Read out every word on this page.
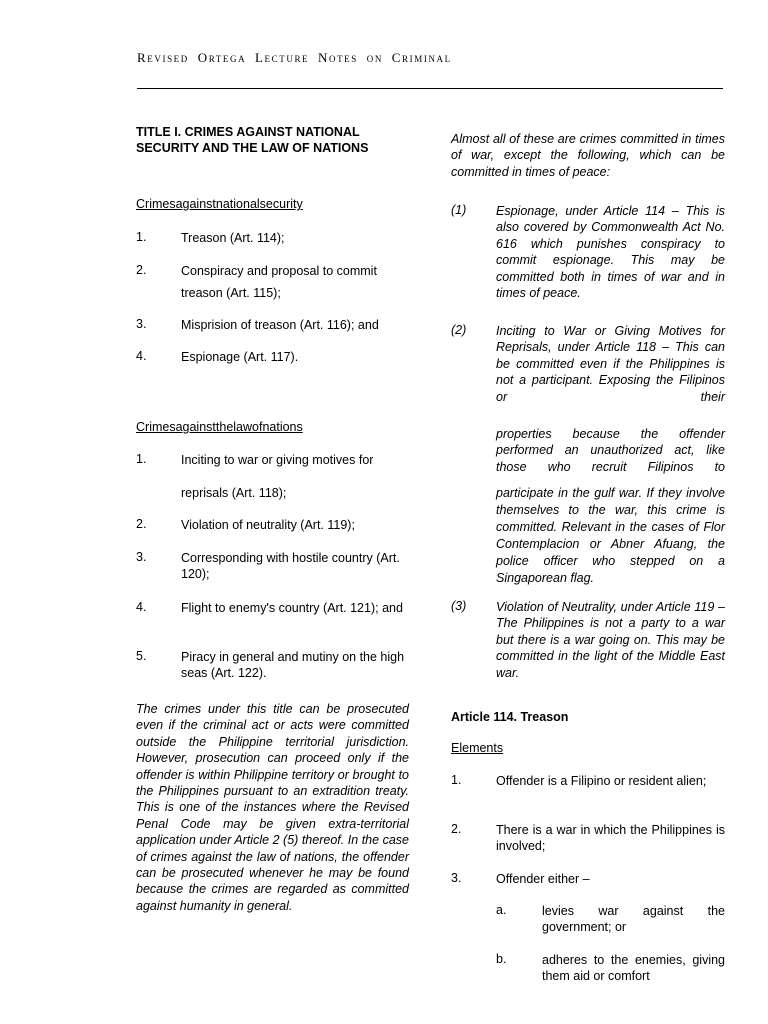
Revised Ortega Lecture Notes on Criminal
TITLE I. CRIMES AGAINST NATIONAL SECURITY AND THE LAW OF NATIONS
Crimesagainstnationalsecurity
1.	Treason (Art. 114);
2.	Conspiracy and proposal to commit
treason (Art. 115);
3.	Misprision of treason (Art. 116); and
4.	Espionage (Art. 117).
Crimesagainstthelawofnations
1.	Inciting to war or giving motives for
reprisals (Art. 118);
2.	Violation of neutrality (Art. 119);
3.	Corresponding with hostile country (Art. 120);
4.	Flight to enemy's country (Art. 121); and
5.	Piracy in general and mutiny on the high seas (Art. 122).

The crimes under this title can be prosecuted even if the criminal act or acts were committed outside the Philippine territorial jurisdiction. However, prosecution can proceed only if the offender is within Philippine territory or brought to the Philippines pursuant to an extradition treaty. This is one of the instances where the Revised Penal Code may be given extra-territorial application under Article 2 (5) thereof. In the case of crimes against the law of nations, the offender can be prosecuted whenever he may be found because the crimes are regarded as committed against humanity in general.

Almost all of these are crimes committed in times of war, except the following, which can be committed in times of peace:

(1) Espionage, under Article 114 – This is also covered by Commonwealth Act No. 616 which punishes conspiracy to commit espionage. This may be committed both in times of war and in times of peace.

(2) Inciting to War or Giving Motives for Reprisals, under Article 118 – This can be committed even if the Philippines is not a participant. Exposing the Filipinos or their

properties because the offender performed an unauthorized act, like those who recruit Filipinos to

participate in the gulf war. If they involve themselves to the war, this crime is committed. Relevant in the cases of Flor Contemplacion or Abner Afuang, the police officer who stepped on a Singaporean flag.

(3) Violation of Neutrality, under Article 119 – The Philippines is not a party to a war but there is a war going on. This may be committed in the light of the Middle East war.

Article 114. Treason
Elements
1.	Offender is a Filipino or resident alien;

2.	There is a war in which the Philippines is involved;

3.	Offender either –

a.	levies war against the government; or

b.	adheres to the enemies, giving them aid or comfort
